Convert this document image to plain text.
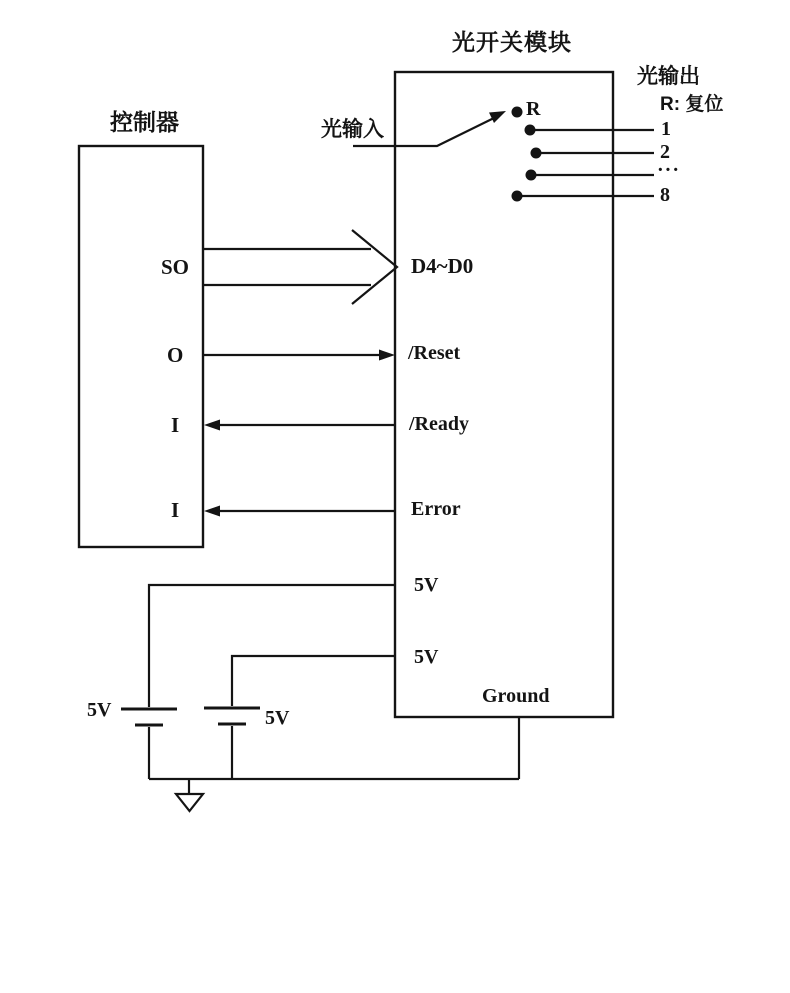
光开关模块
控制器	光输入
光输出
R: 复位
SO
O
I
I
D4~D0
/Reset
/Ready
Error
5V
5V
Ground
R
1
2
···
8
5V	5V
